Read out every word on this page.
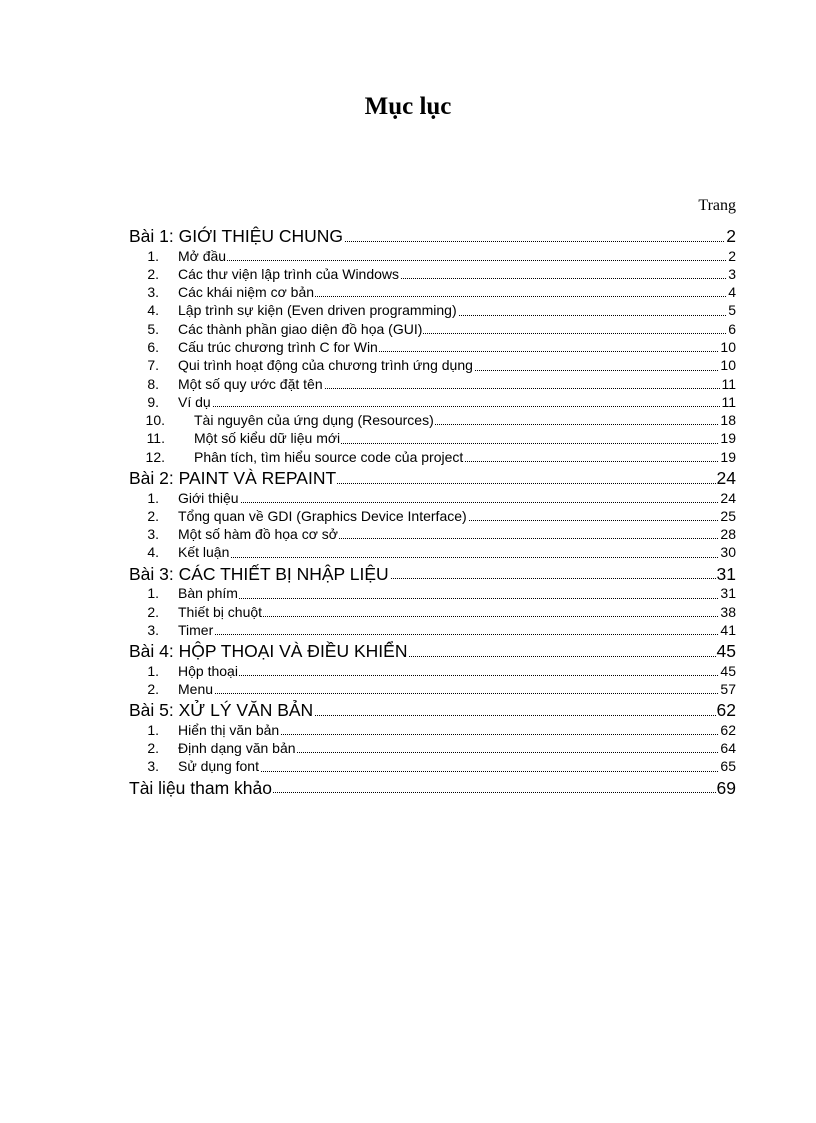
Mục lục
Trang
Bài 1: GIỚI THIỆU CHUNG	2
1. Mở đầu	2
2. Các thư viện lập trình của Windows	3
3. Các khái niệm cơ bản	4
4. Lập trình sự kiện (Even driven programming)	5
5. Các thành phần giao diện đồ họa (GUI)	6
6. Cấu trúc chương trình C for Win	10
7. Qui trình hoạt động của chương trình ứng dụng	10
8. Một số quy ước đặt tên	11
9. Ví dụ	11
10. Tài nguyên của ứng dụng (Resources)	18
11. Một số kiểu dữ liệu mới	19
12. Phân tích, tìm hiểu source code của project	19
Bài 2: PAINT VÀ REPAINT	24
1. Giới thiệu	24
2. Tổng quan về GDI (Graphics Device Interface)	25
3. Một số hàm đồ họa cơ sở	28
4. Kết luận	30
Bài 3: CÁC THIẾT BỊ NHẬP LIỆU	31
1. Bàn phím	31
2. Thiết bị chuột	38
3. Timer	41
Bài 4: HỘP THOẠI VÀ ĐIỀU KHIỂN	45
1. Hộp thoại	45
2. Menu	57
Bài 5: XỬ LÝ VĂN BẢN	62
1. Hiển thị văn bản	62
2. Định dạng văn bản	64
3. Sử dụng font	65
Tài liệu tham khảo	69
